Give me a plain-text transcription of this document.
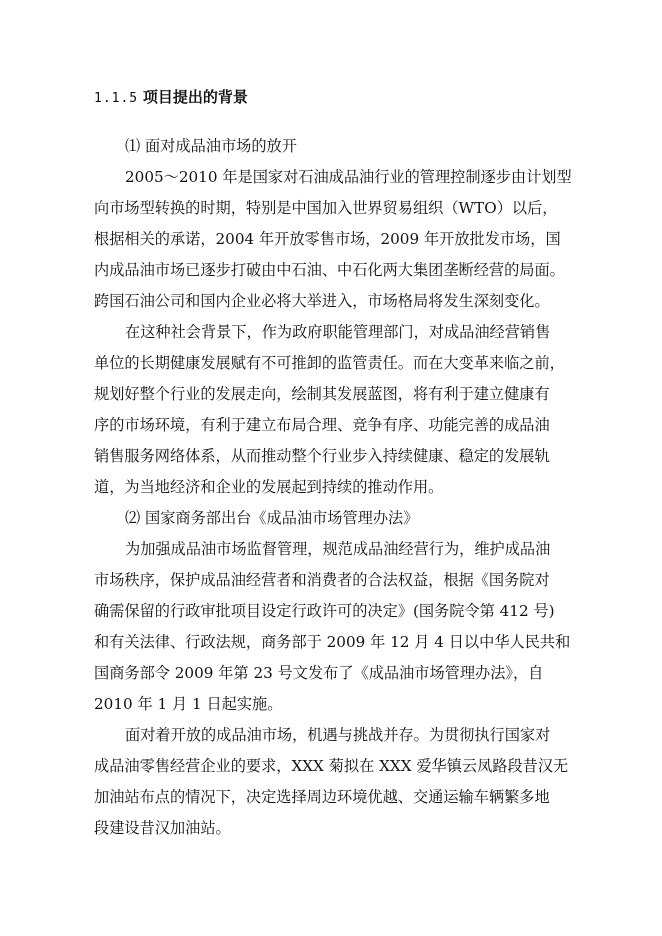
1.1.5 项目提出的背景
⑴ 面对成品油市场的放开
2005～2010 年是国家对石油成品油行业的管理控制逐步由计划型
向市场型转换的时期，特别是中国加入世界贸易组织（WTO）以后，
根据相关的承诺，2004 年开放零售市场，2009 年开放批发市场，国
内成品油市场已逐步打破由中石油、中石化两大集团垄断经营的局面。
跨国石油公司和国内企业必将大举进入，市场格局将发生深刻变化。
在这种社会背景下，作为政府职能管理部门，对成品油经营销售
单位的长期健康发展赋有不可推卸的监管责任。而在大变革来临之前，
规划好整个行业的发展走向，绘制其发展蓝图，将有利于建立健康有
序的市场环境，有利于建立布局合理、竞争有序、功能完善的成品油
销售服务网络体系，从而推动整个行业步入持续健康、稳定的发展轨
道，为当地经济和企业的发展起到持续的推动作用。
⑵ 国家商务部出台《成品油市场管理办法》
为加强成品油市场监督管理，规范成品油经营行为，维护成品油
市场秩序，保护成品油经营者和消费者的合法权益，根据《国务院对
确需保留的行政审批项目设定行政许可的决定》(国务院令第 412 号)
和有关法律、行政法规，商务部于 2009 年 12 月 4 日以中华人民共和
国商务部令 2009 年第 23 号文发布了《成品油市场管理办法》，自
2010 年 1 月 1 日起实施。
面对着开放的成品油市场，机遇与挑战并存。为贯彻执行国家对
成品油零售经营企业的要求，XXX 菊拟在 XXX 爱华镇云凤路段昔汉无
加油站布点的情况下，决定选择周边环境优越、交通运输车辆繁多地
段建设昔汉加油站。
